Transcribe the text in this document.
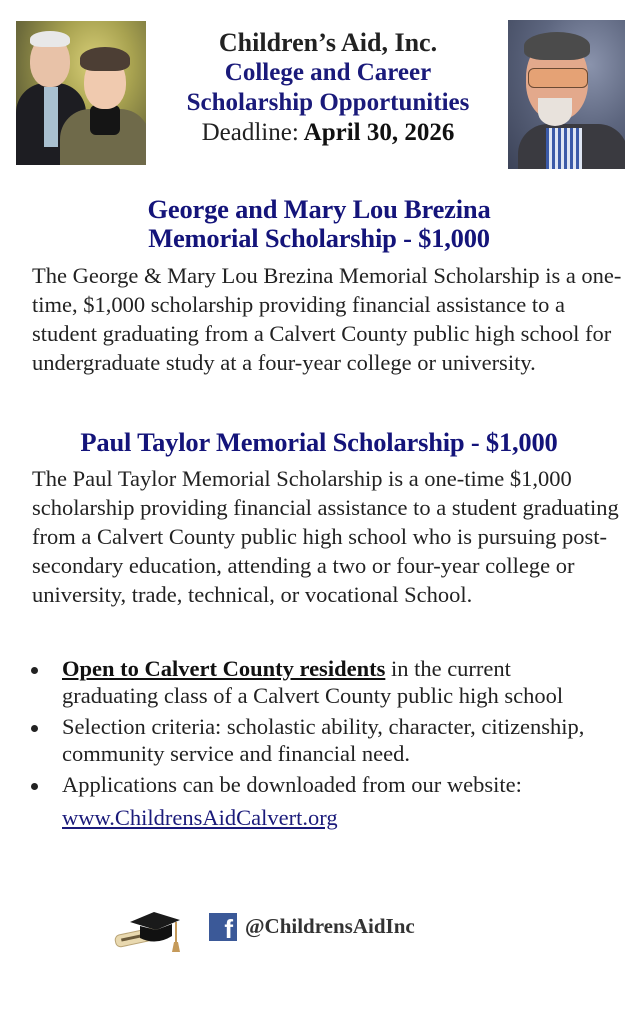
Children’s Aid, Inc.
College and Career
Scholarship Opportunities
Deadline: April 30, 2026
George and Mary Lou Brezina
Memorial Scholarship - $1,000
The George & Mary Lou Brezina Memorial Scholarship is a one-time, $1,000 scholarship providing financial assistance to a student graduating from a Calvert County public high school for undergraduate study at a four-year college or university.
Paul Taylor Memorial Scholarship - $1,000
The Paul Taylor Memorial Scholarship is a one-time $1,000 scholarship providing financial assistance to a student graduating from a Calvert County public high school who is pursuing post-secondary education, attending a two or four-year college or university, trade, technical, or vocational School.
Open to Calvert County residents in the current graduating class of a Calvert County public high school
Selection criteria: scholastic ability, character, citizenship, community service and financial need.
Applications can be downloaded from our website:
www.ChildrensAidCalvert.org
f @ChildrensAidInc
